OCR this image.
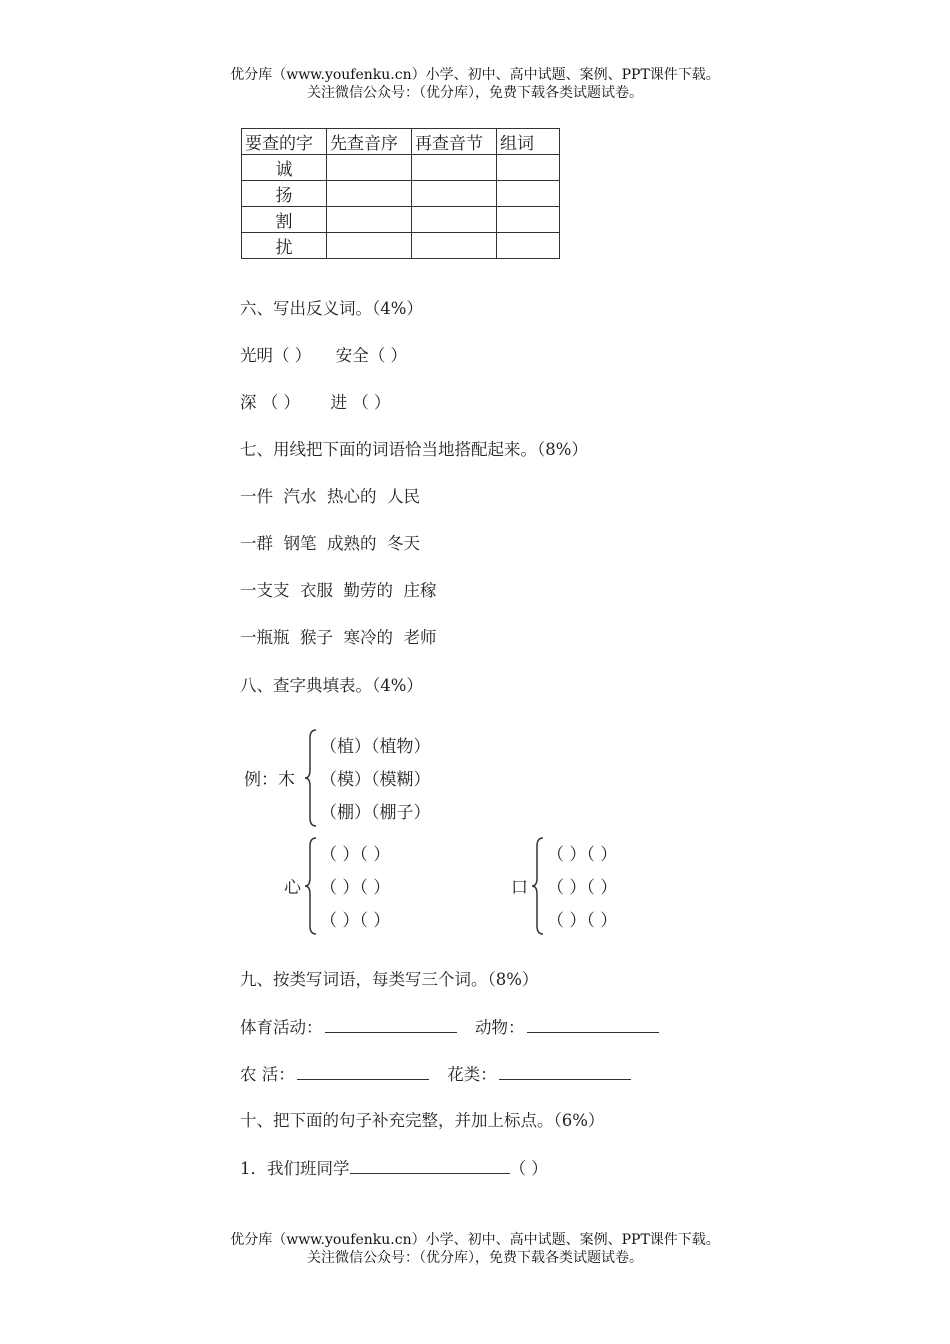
优分库（www.youfenku.cn）小学、初中、高中试题、案例、PPT课件下载。
关注微信公众号：（优分库），免费下载各类试题试卷。
要查的字	先查音序	再查音节	组词
诚			
扬			
割			
扰			
六、写出反义词。（4%）
光明（ ） 安全（ ）
深 （ ） 进 （ ）
七、用线把下面的词语恰当地搭配起来。（8%）
一件 汽水 热心的 人民
一群 钢笔 成熟的 冬天
一支支 衣服 勤劳的 庄稼
一瓶瓶 猴子 寒冷的 老师
八、查字典填表。（4%）
例：木
（植）（植物）
（模）（模糊）
（棚）（棚子）
心
（ ）（ ）
（ ）（ ）
（ ）（ ）
口
（ ）（ ）
（ ）（ ）
（ ）（ ）
九、按类写词语，每类写三个词。（8%）
体育活动：	动物：
农 活：	花类：
十、把下面的句子补充完整，并加上标点。（6%）
1．我们班同学	（ ）
优分库（www.youfenku.cn）小学、初中、高中试题、案例、PPT课件下载。
关注微信公众号：（优分库），免费下载各类试题试卷。
